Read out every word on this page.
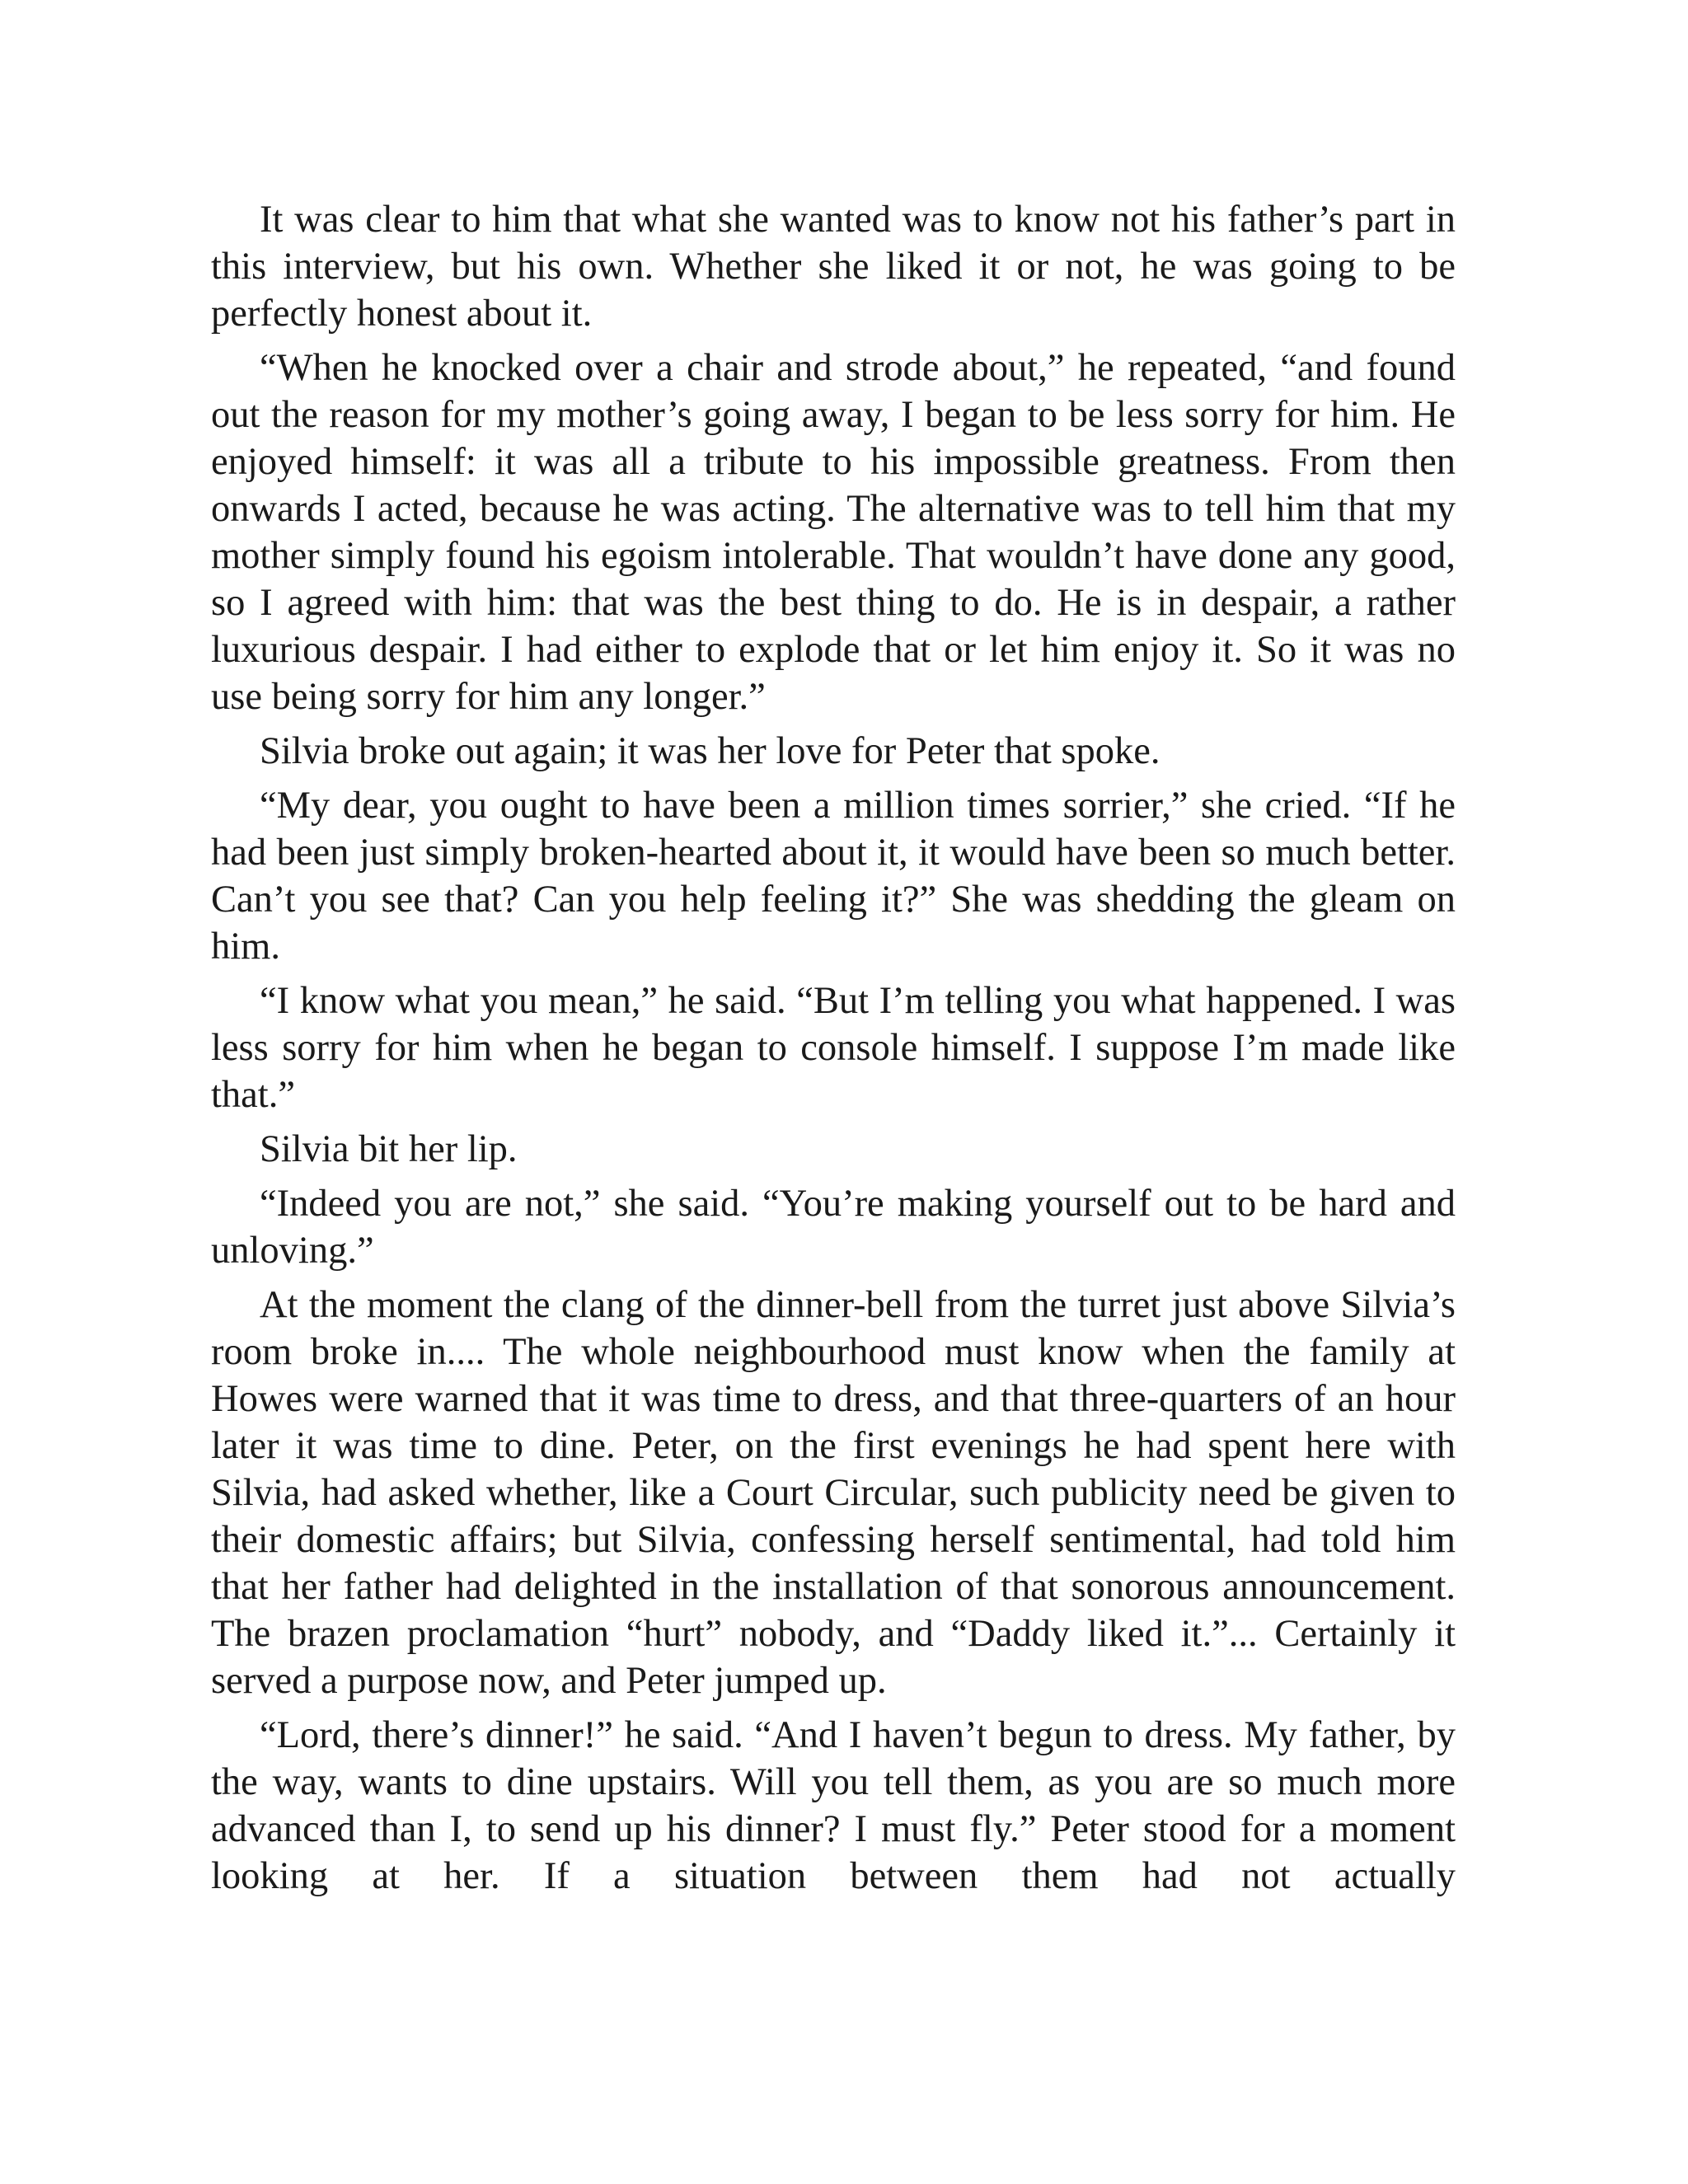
It was clear to him that what she wanted was to know not his father’s part in this interview, but his own. Whether she liked it or not, he was going to be perfectly honest about it.

“When he knocked over a chair and strode about,” he repeated, “and found out the reason for my mother’s going away, I began to be less sorry for him. He enjoyed himself: it was all a tribute to his impossible greatness. From then onwards I acted, because he was acting. The alternative was to tell him that my mother simply found his egoism intolerable. That wouldn’t have done any good, so I agreed with him: that was the best thing to do. He is in despair, a rather luxurious despair. I had either to explode that or let him enjoy it. So it was no use being sorry for him any longer.”

Silvia broke out again; it was her love for Peter that spoke.

“My dear, you ought to have been a million times sorrier,” she cried. “If he had been just simply broken-hearted about it, it would have been so much better. Can’t you see that? Can you help feeling it?” She was shedding the gleam on him.

“I know what you mean,” he said. “But I’m telling you what happened. I was less sorry for him when he began to console himself. I suppose I’m made like that.”

Silvia bit her lip.

“Indeed you are not,” she said. “You’re making yourself out to be hard and unloving.”

At the moment the clang of the dinner-bell from the turret just above Silvia’s room broke in.... The whole neighbourhood must know when the family at Howes were warned that it was time to dress, and that three-quarters of an hour later it was time to dine. Peter, on the first evenings he had spent here with Silvia, had asked whether, like a Court Circular, such publicity need be given to their domestic affairs; but Silvia, confessing herself sentimental, had told him that her father had delighted in the installation of that sonorous announcement. The brazen proclamation “hurt” nobody, and “Daddy liked it.”... Certainly it served a purpose now, and Peter jumped up.

“Lord, there’s dinner!” he said. “And I haven’t begun to dress. My father, by the way, wants to dine upstairs. Will you tell them, as you are so much more advanced than I, to send up his dinner? I must fly.” Peter stood for a moment looking at her. If a situation between them had not actually
